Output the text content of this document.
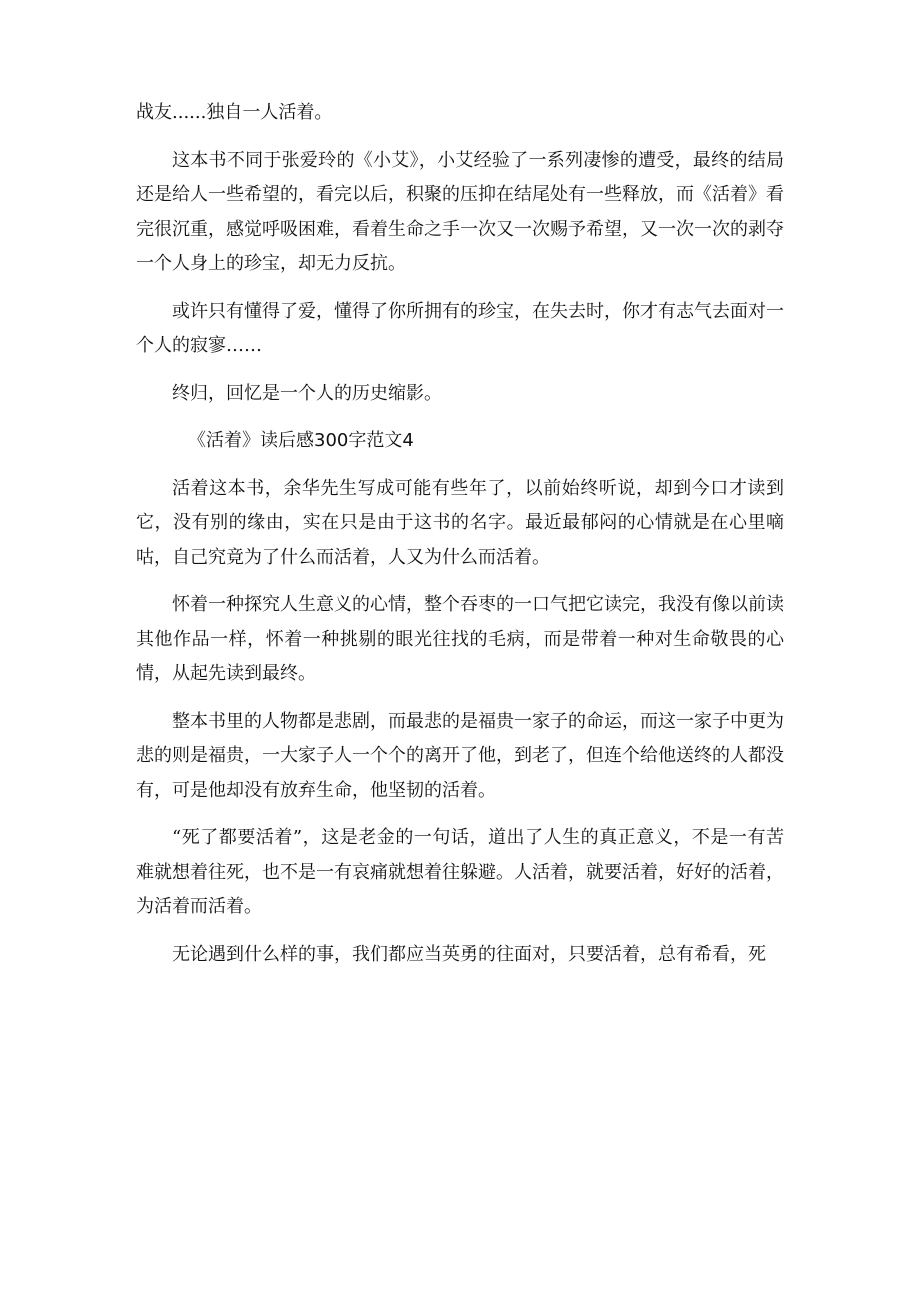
战友......独自一人活着。

这本书不同于张爱玲的《小艾》，小艾经验了一系列凄惨的遭受，最终的结局还是给人一些希望的，看完以后，积聚的压抑在结尾处有一些释放，而《活着》看完很沉重，感觉呼吸困难，看着生命之手一次又一次赐予希望，又一次一次的剥夺一个人身上的珍宝，却无力反抗。

或许只有懂得了爱，懂得了你所拥有的珍宝，在失去时，你才有志气去面对一个人的寂寥……

终归，回忆是一个人的历史缩影。

《活着》读后感300字范文4

活着这本书，余华先生写成可能有些年了，以前始终听说，却到今口才读到它，没有别的缘由，实在只是由于这书的名字。最近最郁闷的心情就是在心里嘀咕，自己究竟为了什么而活着，人又为什么而活着。

怀着一种探究人生意义的心情，整个吞枣的一口气把它读完，我没有像以前读其他作品一样，怀着一种挑剔的眼光往找的毛病，而是带着一种对生命敬畏的心情，从起先读到最终。

整本书里的人物都是悲剧，而最悲的是福贵一家子的命运，而这一家子中更为悲的则是福贵，一大家子人一个个的离开了他，到老了，但连个给他送终的人都没有，可是他却没有放弃生命，他坚韧的活着。

“死了都要活着”，这是老金的一句话，道出了人生的真正意义，不是一有苦难就想着往死，也不是一有哀痛就想着往躲避。人活着，就要活着，好好的活着，为活着而活着。

无论遇到什么样的事，我们都应当英勇的往面对，只要活着，总有希看，死
